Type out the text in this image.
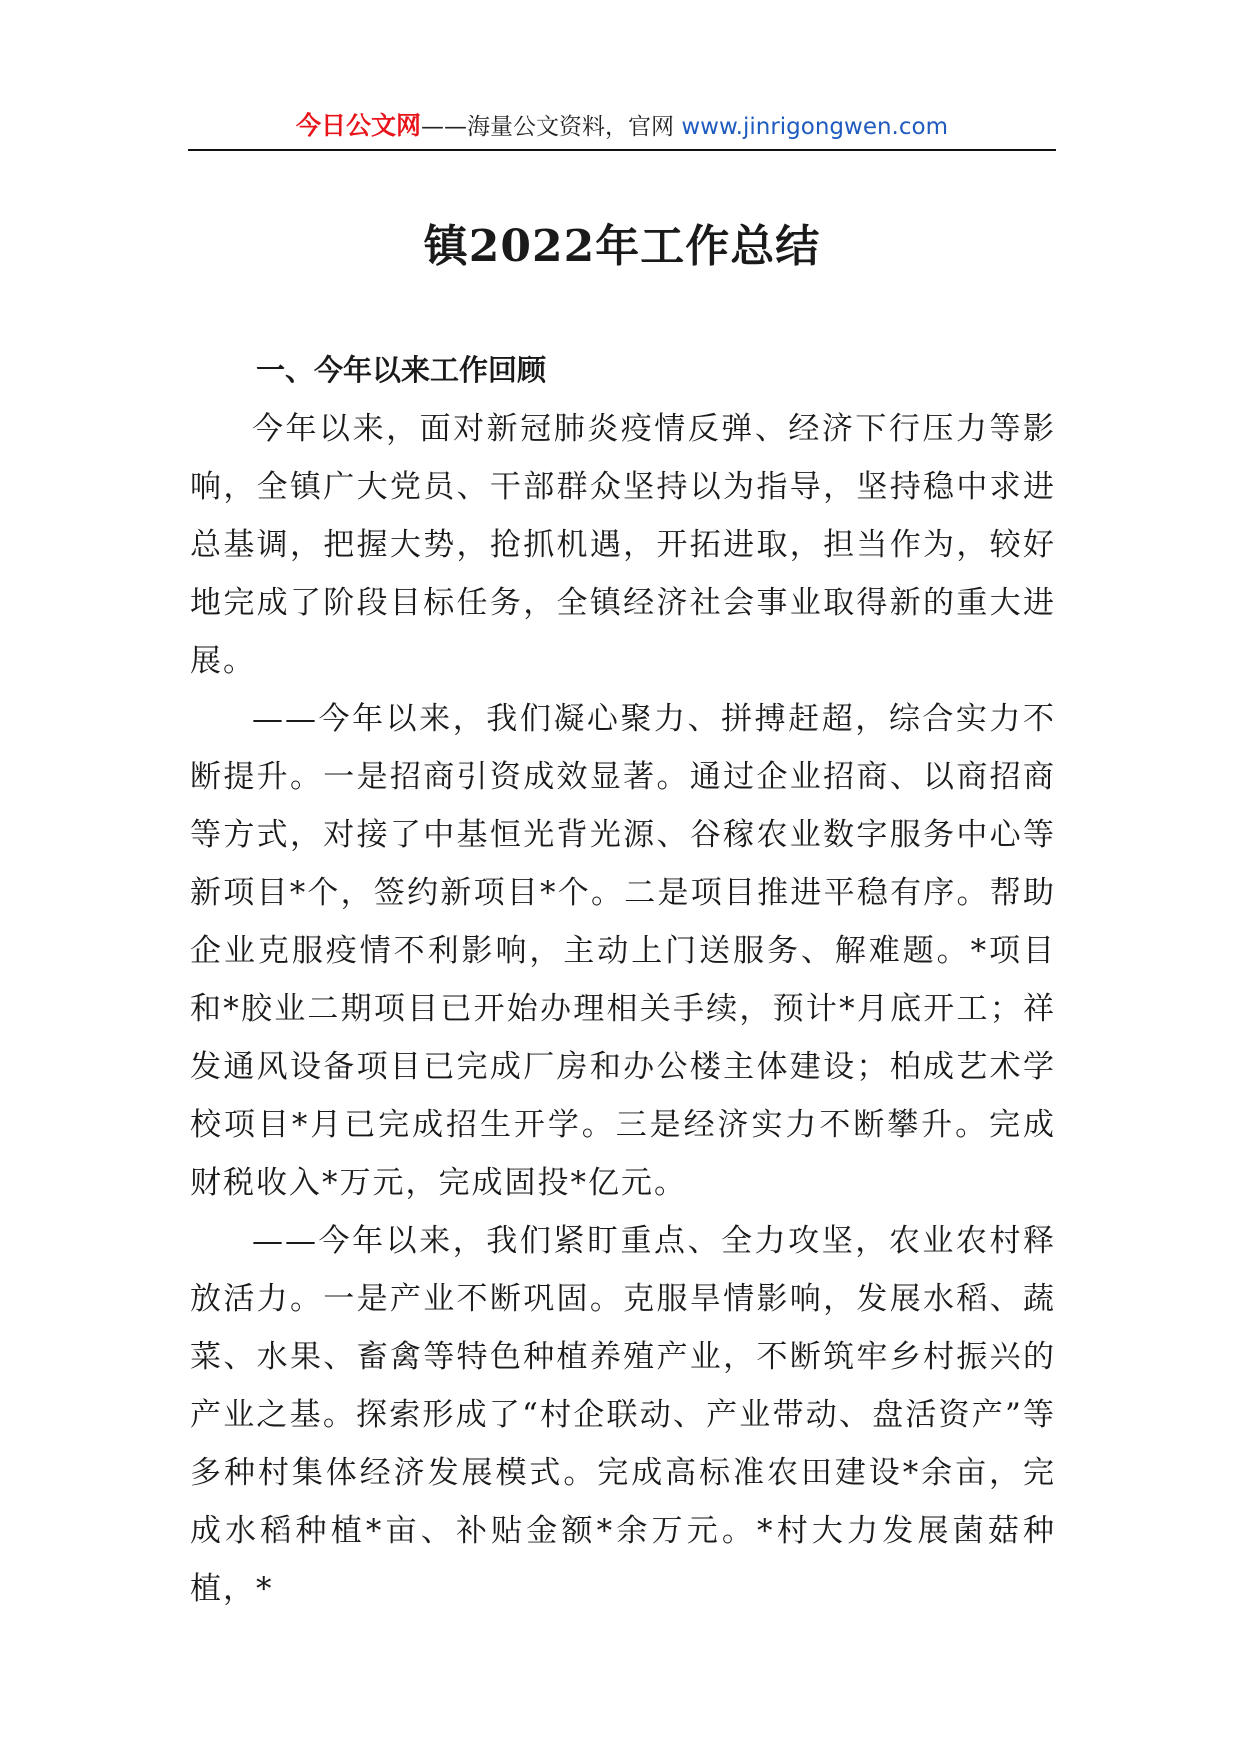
今日公文网——海量公文资料，官网 www.jinrigongwen.com
镇2022年工作总结
一、今年以来工作回顾

今年以来，面对新冠肺炎疫情反弹、经济下行压力等影响，全镇广大党员、干部群众坚持以为指导，坚持稳中求进总基调，把握大势，抢抓机遇，开拓进取，担当作为，较好地完成了阶段目标任务，全镇经济社会事业取得新的重大进展。

——今年以来，我们凝心聚力、拼搏赶超，综合实力不断提升。一是招商引资成效显著。通过企业招商、以商招商等方式，对接了中基恒光背光源、谷稼农业数字服务中心等新项目*个，签约新项目*个。二是项目推进平稳有序。帮助企业克服疫情不利影响，主动上门送服务、解难题。*项目和*胶业二期项目已开始办理相关手续，预计*月底开工；祥发通风设备项目已完成厂房和办公楼主体建设；柏成艺术学校项目*月已完成招生开学。三是经济实力不断攀升。完成财税收入*万元，完成固投*亿元。

——今年以来，我们紧盯重点、全力攻坚，农业农村释放活力。一是产业不断巩固。克服旱情影响，发展水稻、蔬菜、水果、畜禽等特色种植养殖产业，不断筑牢乡村振兴的产业之基。探索形成了“村企联动、产业带动、盘活资产”等多种村集体经济发展模式。完成高标准农田建设*余亩，完成水稻种植*亩、补贴金额*余万元。*村大力发展菌菇种植，*
